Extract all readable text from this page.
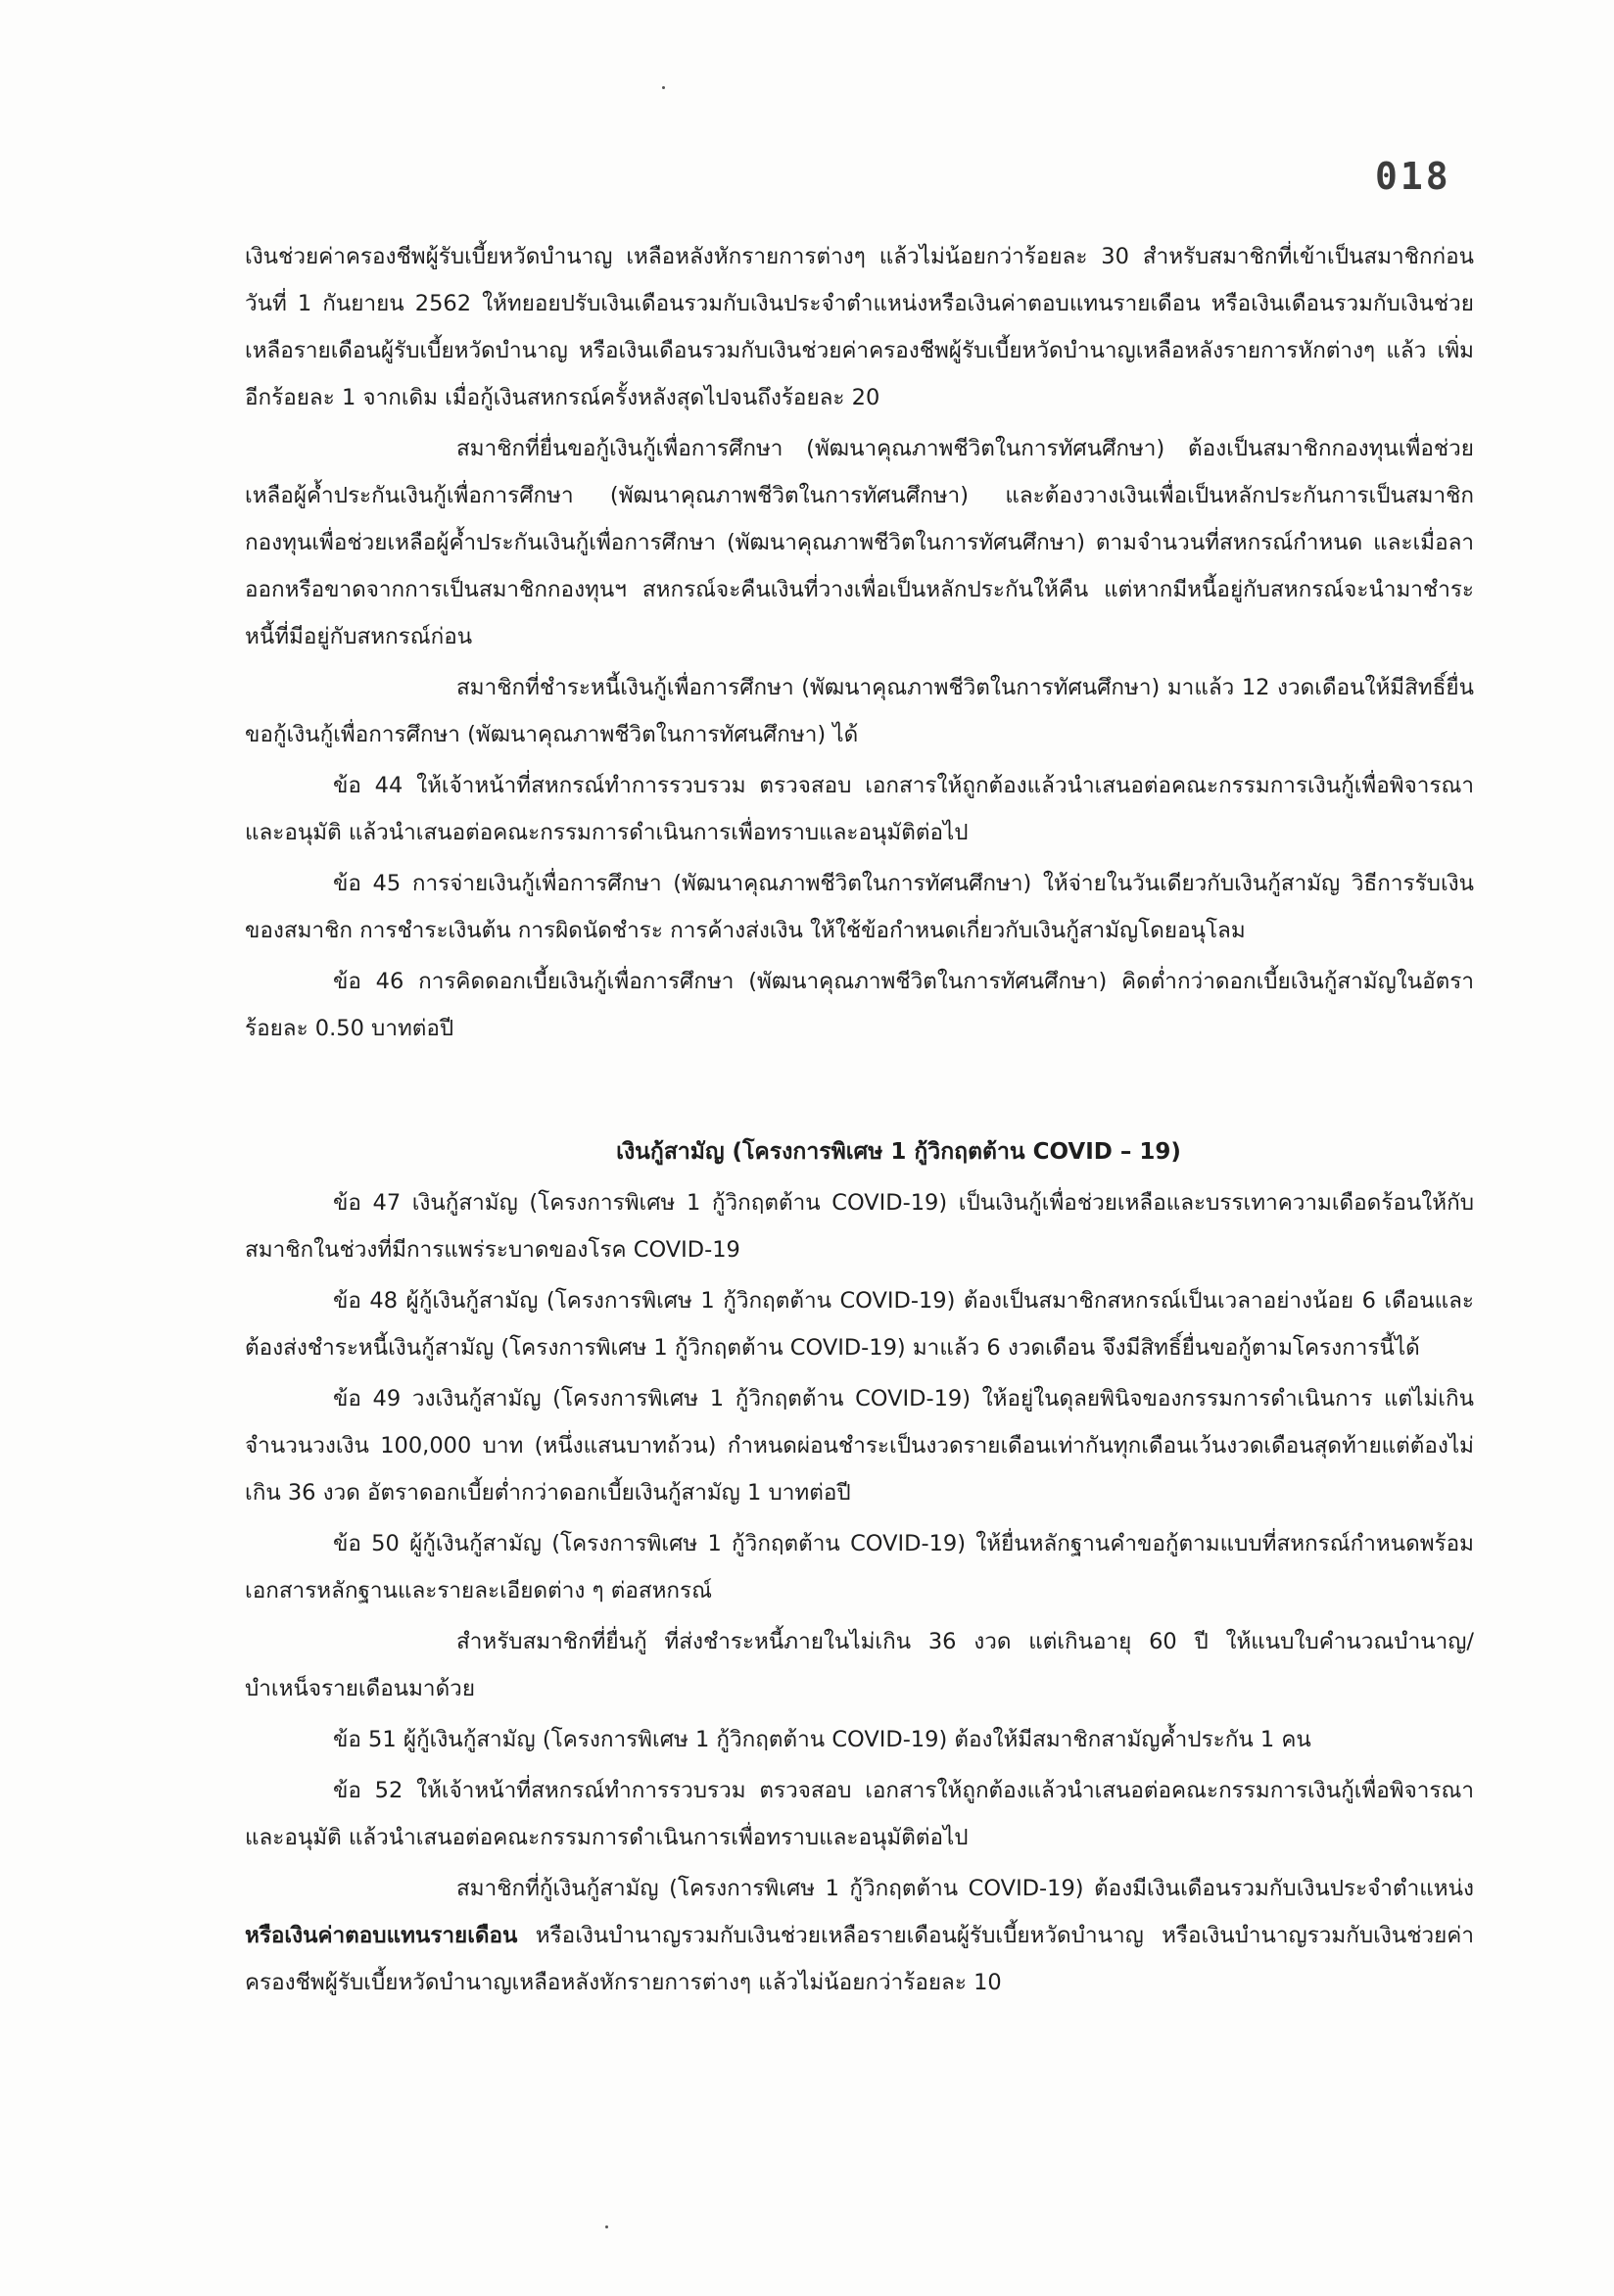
018

เงินช่วยค่าครองชีพผู้รับเบี้ยหวัดบำนาญ เหลือหลังหักรายการต่างๆ แล้วไม่น้อยกว่าร้อยละ 30 สำหรับสมาชิกที่เข้าเป็นสมาชิกก่อนวันที่ 1 กันยายน 2562 ให้ทยอยปรับเงินเดือนรวมกับเงินประจำตำแหน่งหรือเงินค่าตอบแทนรายเดือน หรือเงินเดือนรวมกับเงินช่วยเหลือรายเดือนผู้รับเบี้ยหวัดบำนาญ หรือเงินเดือนรวมกับเงินช่วยค่าครองชีพผู้รับเบี้ยหวัดบำนาญเหลือหลังรายการหักต่างๆ แล้ว เพิ่มอีกร้อยละ 1 จากเดิม เมื่อกู้เงินสหกรณ์ครั้งหลังสุดไปจนถึงร้อยละ 20

สมาชิกที่ยื่นขอกู้เงินกู้เพื่อการศึกษา (พัฒนาคุณภาพชีวิตในการทัศนศึกษา) ต้องเป็นสมาชิกกองทุนเพื่อช่วยเหลือผู้ค้ำประกันเงินกู้เพื่อการศึกษา (พัฒนาคุณภาพชีวิตในการทัศนศึกษา) และต้องวางเงินเพื่อเป็นหลักประกันการเป็นสมาชิกกองทุนเพื่อช่วยเหลือผู้ค้ำประกันเงินกู้เพื่อการศึกษา (พัฒนาคุณภาพชีวิตในการทัศนศึกษา) ตามจำนวนที่สหกรณ์กำหนด และเมื่อลาออกหรือขาดจากการเป็นสมาชิกกองทุนฯ สหกรณ์จะคืนเงินที่วางเพื่อเป็นหลักประกันให้คืน แต่หากมีหนี้อยู่กับสหกรณ์จะนำมาชำระหนี้ที่มีอยู่กับสหกรณ์ก่อน

สมาชิกที่ชำระหนี้เงินกู้เพื่อการศึกษา (พัฒนาคุณภาพชีวิตในการทัศนศึกษา) มาแล้ว 12 งวดเดือนให้มีสิทธิ์ยื่นขอกู้เงินกู้เพื่อการศึกษา (พัฒนาคุณภาพชีวิตในการทัศนศึกษา) ได้

ข้อ 44 ให้เจ้าหน้าที่สหกรณ์ทำการรวบรวม ตรวจสอบ เอกสารให้ถูกต้องแล้วนำเสนอต่อคณะกรรมการเงินกู้เพื่อพิจารณาและอนุมัติ แล้วนำเสนอต่อคณะกรรมการดำเนินการเพื่อทราบและอนุมัติต่อไป

ข้อ 45 การจ่ายเงินกู้เพื่อการศึกษา (พัฒนาคุณภาพชีวิตในการทัศนศึกษา) ให้จ่ายในวันเดียวกับเงินกู้สามัญ วิธีการรับเงินของสมาชิก การชำระเงินต้น การผิดนัดชำระ การค้างส่งเงิน ให้ใช้ข้อกำหนดเกี่ยวกับเงินกู้สามัญโดยอนุโลม

ข้อ 46 การคิดดอกเบี้ยเงินกู้เพื่อการศึกษา (พัฒนาคุณภาพชีวิตในการทัศนศึกษา) คิดต่ำกว่าดอกเบี้ยเงินกู้สามัญในอัตราร้อยละ 0.50 บาทต่อปี

เงินกู้สามัญ (โครงการพิเศษ 1 กู้วิกฤตต้าน COVID – 19)

ข้อ 47 เงินกู้สามัญ (โครงการพิเศษ 1 กู้วิกฤตต้าน COVID-19) เป็นเงินกู้เพื่อช่วยเหลือและบรรเทาความเดือดร้อนให้กับสมาชิกในช่วงที่มีการแพร่ระบาดของโรค COVID-19

ข้อ 48 ผู้กู้เงินกู้สามัญ (โครงการพิเศษ 1 กู้วิกฤตต้าน COVID-19) ต้องเป็นสมาชิกสหกรณ์เป็นเวลาอย่างน้อย 6 เดือนและต้องส่งชำระหนี้เงินกู้สามัญ (โครงการพิเศษ 1 กู้วิกฤตต้าน COVID-19) มาแล้ว 6 งวดเดือน จึงมีสิทธิ์ยื่นขอกู้ตามโครงการนี้ได้

ข้อ 49 วงเงินกู้สามัญ (โครงการพิเศษ 1 กู้วิกฤตต้าน COVID-19) ให้อยู่ในดุลยพินิจของกรรมการดำเนินการ แต่ไม่เกินจำนวนวงเงิน 100,000 บาท (หนึ่งแสนบาทถ้วน) กำหนดผ่อนชำระเป็นงวดรายเดือนเท่ากันทุกเดือนเว้นงวดเดือนสุดท้ายแต่ต้องไม่เกิน 36 งวด อัตราดอกเบี้ยต่ำกว่าดอกเบี้ยเงินกู้สามัญ 1 บาทต่อปี

ข้อ 50 ผู้กู้เงินกู้สามัญ (โครงการพิเศษ 1 กู้วิกฤตต้าน COVID-19) ให้ยื่นหลักฐานคำขอกู้ตามแบบที่สหกรณ์กำหนดพร้อมเอกสารหลักฐานและรายละเอียดต่าง ๆ ต่อสหกรณ์

สำหรับสมาชิกที่ยื่นกู้ ที่ส่งชำระหนี้ภายในไม่เกิน 36 งวด แต่เกินอายุ 60 ปี ให้แนบใบคำนวณบำนาญ/บำเหน็จรายเดือนมาด้วย

ข้อ 51 ผู้กู้เงินกู้สามัญ (โครงการพิเศษ 1 กู้วิกฤตต้าน COVID-19) ต้องให้มีสมาชิกสามัญค้ำประกัน 1 คน

ข้อ 52 ให้เจ้าหน้าที่สหกรณ์ทำการรวบรวม ตรวจสอบ เอกสารให้ถูกต้องแล้วนำเสนอต่อคณะกรรมการเงินกู้เพื่อพิจารณาและอนุมัติ แล้วนำเสนอต่อคณะกรรมการดำเนินการเพื่อทราบและอนุมัติต่อไป

สมาชิกที่กู้เงินกู้สามัญ (โครงการพิเศษ 1 กู้วิกฤตต้าน COVID-19) ต้องมีเงินเดือนรวมกับเงินประจำตำแหน่ง หรือเงินค่าตอบแทนรายเดือน หรือเงินบำนาญรวมกับเงินช่วยเหลือรายเดือนผู้รับเบี้ยหวัดบำนาญ หรือเงินบำนาญรวมกับเงินช่วยค่าครองชีพผู้รับเบี้ยหวัดบำนาญเหลือหลังหักรายการต่างๆ แล้วไม่น้อยกว่าร้อยละ 10
